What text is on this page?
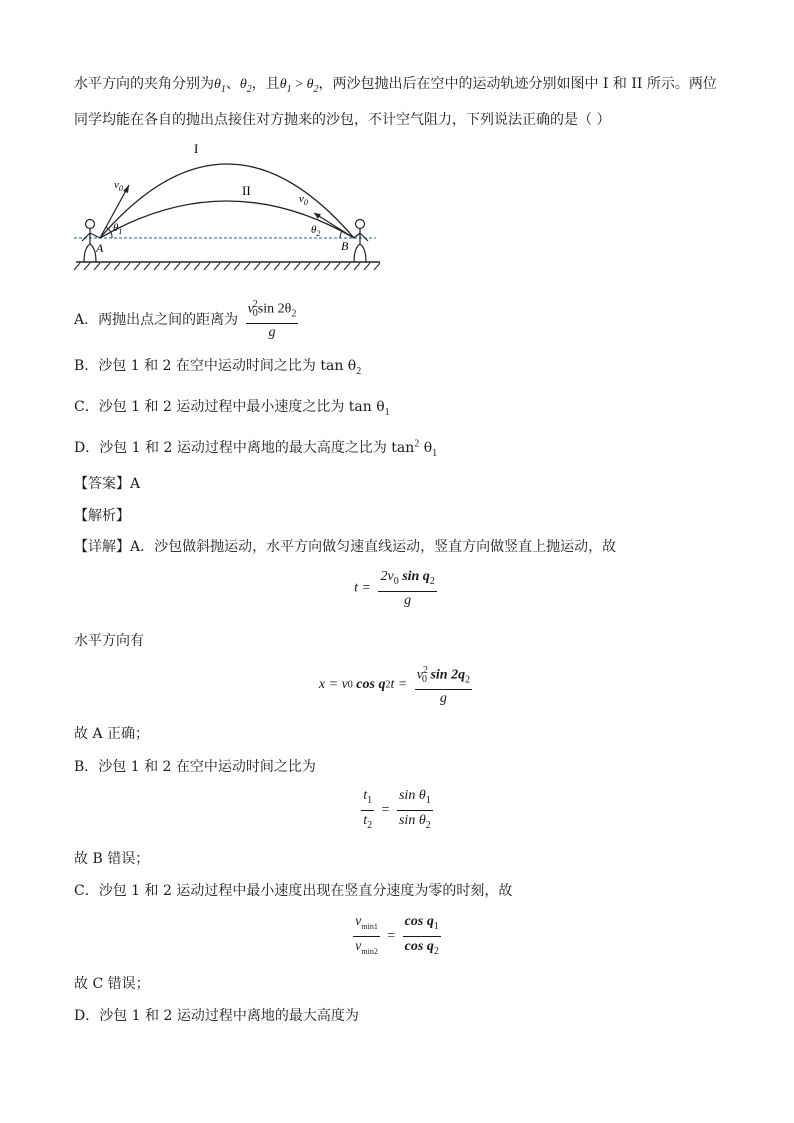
水平方向的夹角分别为$\theta_1$、$\theta_2$，且$\theta_1 > \theta_2$，两沙包抛出后在空中的运动轨迹分别如图中 I 和 II 所示。两位
同学均能在各自的抛出点接住对方抛来的沙包，不计空气阻力，下列说法正确的是（ ）
I
II
$v_0$
$v_0$
$\theta_1$	$\theta_2$
A	B
A．两抛出点之间的距离为 $\frac{v^2_0\sin 2\theta_2}{g}$
B．沙包 1 和 2 在空中运动时间之比为 $\tan \theta_2$
C．沙包 1 和 2 运动过程中最小速度之比为 $\tan \theta_1$
D．沙包 1 和 2 运动过程中离地的最大高度之比为 $\tan^2 \theta_1$
【答案】A
【解析】
【详解】A．沙包做斜抛运动，水平方向做匀速直线运动，竖直方向做竖直上抛运动，故
$t = \frac{2v_0 \sin q_2}{g}$
水平方向有
x = v0 $\cos q2t = \frac{v^2_0 \sin 2q_2}{g}$
故 A 正确；
B．沙包 1 和 2 在空中运动时间之比为
$\frac{t_1}{t_2} = \frac{\sin \theta_1}{\sin \theta_2}$
故 B 错误；
C．沙包 1 和 2 运动过程中最小速度出现在竖直分速度为零的时刻，故
$\frac{v_{min1}}{v_{min2}} = \frac{\cos q_1}{\cos q_2}$
故 C 错误；
D．沙包 1 和 2 运动过程中离地的最大高度为
